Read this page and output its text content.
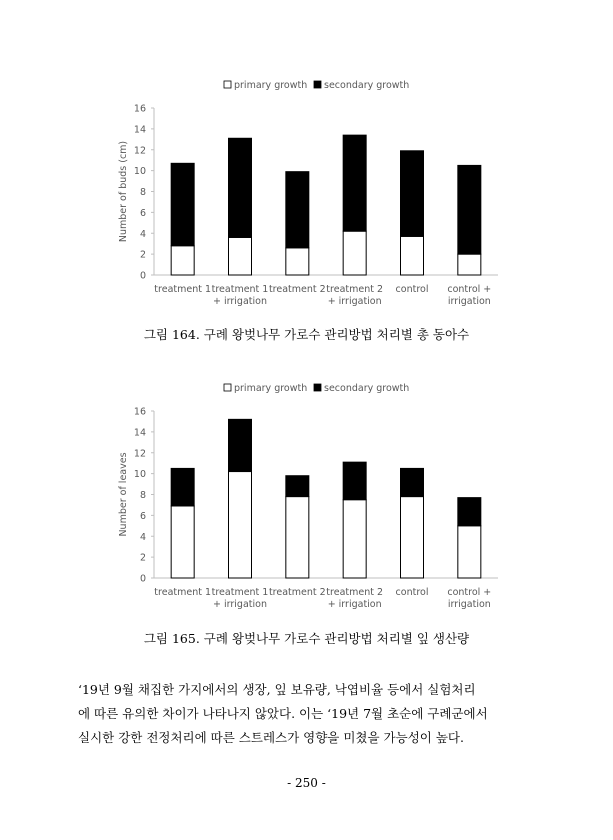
primary growth secondary growth
0
2
4
6
8
10
12
14
16
Number of buds (cm)
treatment 1 treatment 1
+ irrigation
treatment 2 treatment 2
+ irrigation
control control +
irrigation
그림 164. 구례 왕벚나무 가로수 관리방법 처리별 총 동아수
primary growth secondary growth
0
2
4
6
8
10
12
14
16
Number of leaves
treatment 1 treatment 1
+ irrigation
treatment 2 treatment 2
+ irrigation
control control +
irrigation
그림 165. 구례 왕벚나무 가로수 관리방법 처리별 잎 생산량
‘19년 9월 채집한 가지에서의 생장, 잎 보유량, 낙엽비율 등에서 실험처리
에 따른 유의한 차이가 나타나지 않았다. 이는 ‘19년 7월 초순에 구례군에서
실시한 강한 전정처리에 따른 스트레스가 영향을 미쳤을 가능성이 높다.
- 250 -
